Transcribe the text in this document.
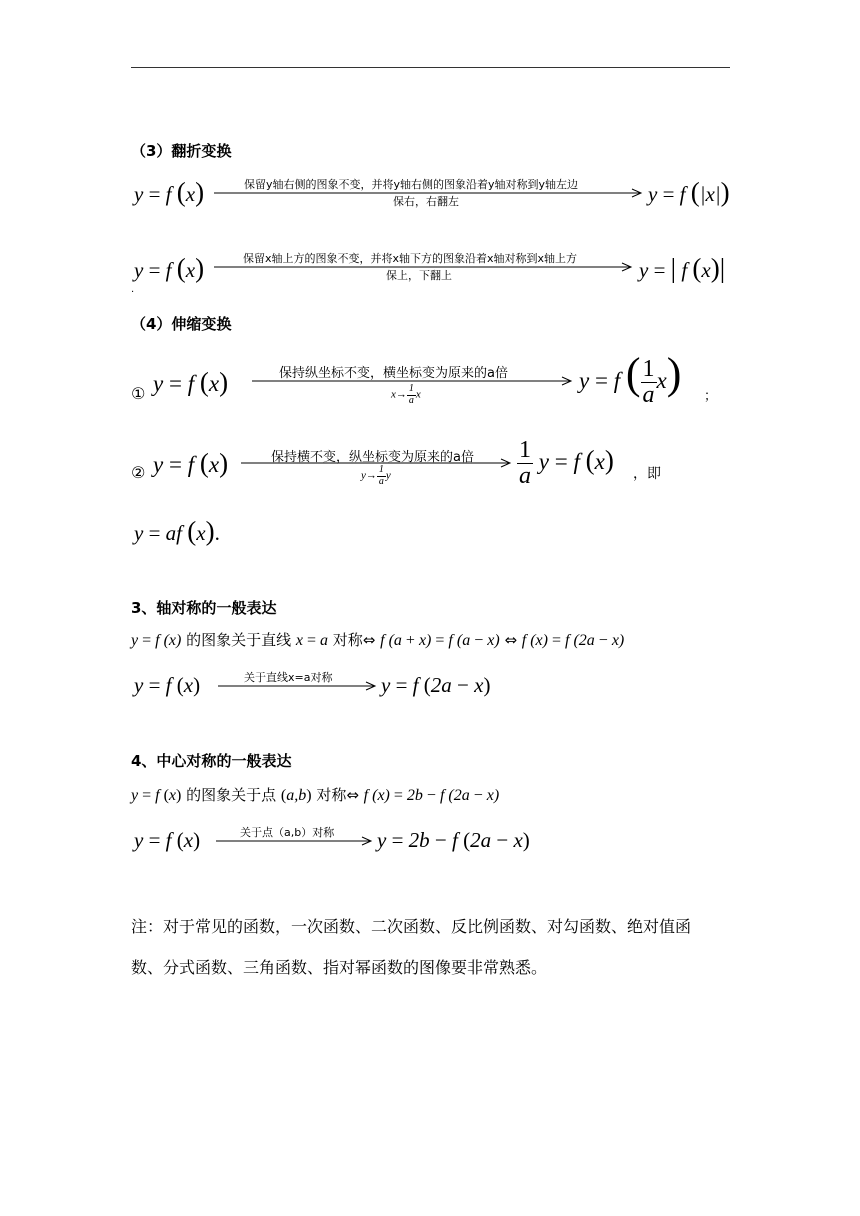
（3）翻折变换
y = f (x)	保留y轴右侧的图象不变，并将y轴右侧的图象沿着y轴对称到y轴左边
保右，右翻左	y = f (|x|)
y = f (x)	保留x轴上方的图象不变，并将x轴下方的图象沿着x轴对称到x轴上方
保上，下翻上	y = | f (x)|
.
（4）伸缩变换
① y = f (x)	保持纵坐标不变，横坐标变为原来的a倍
$x\to \frac{1}{a}$ x
y = f ( $\frac{1}{a} x$) ；
② y = f (x)	保持横不变，纵坐标变为原来的a倍
$y\to \frac{1}{a}$ y	$\frac{1}{a}$ y = f (x) ，即
y = af (x).
3、轴对称的一般表达
y = f (x) 的图象关于直线 x = a 对称⇔ f (a + x) = f (a − x) ⇔ f (x) = f (2a − x)
y = f (x)	关于直线x=a对称 y = f (2a − x)
4、中心对称的一般表达
y = f (x) 的图象关于点 (a,b) 对称⇔ f (x) = 2b − f (2a − x)
y = f (x)	关于点（a,b）对称 y = 2b − f (2a − x)
注：对于常见的函数，一次函数、二次函数、反比例函数、对勾函数、绝对值函
数、分式函数、三角函数、指对幂函数的图像要非常熟悉。
